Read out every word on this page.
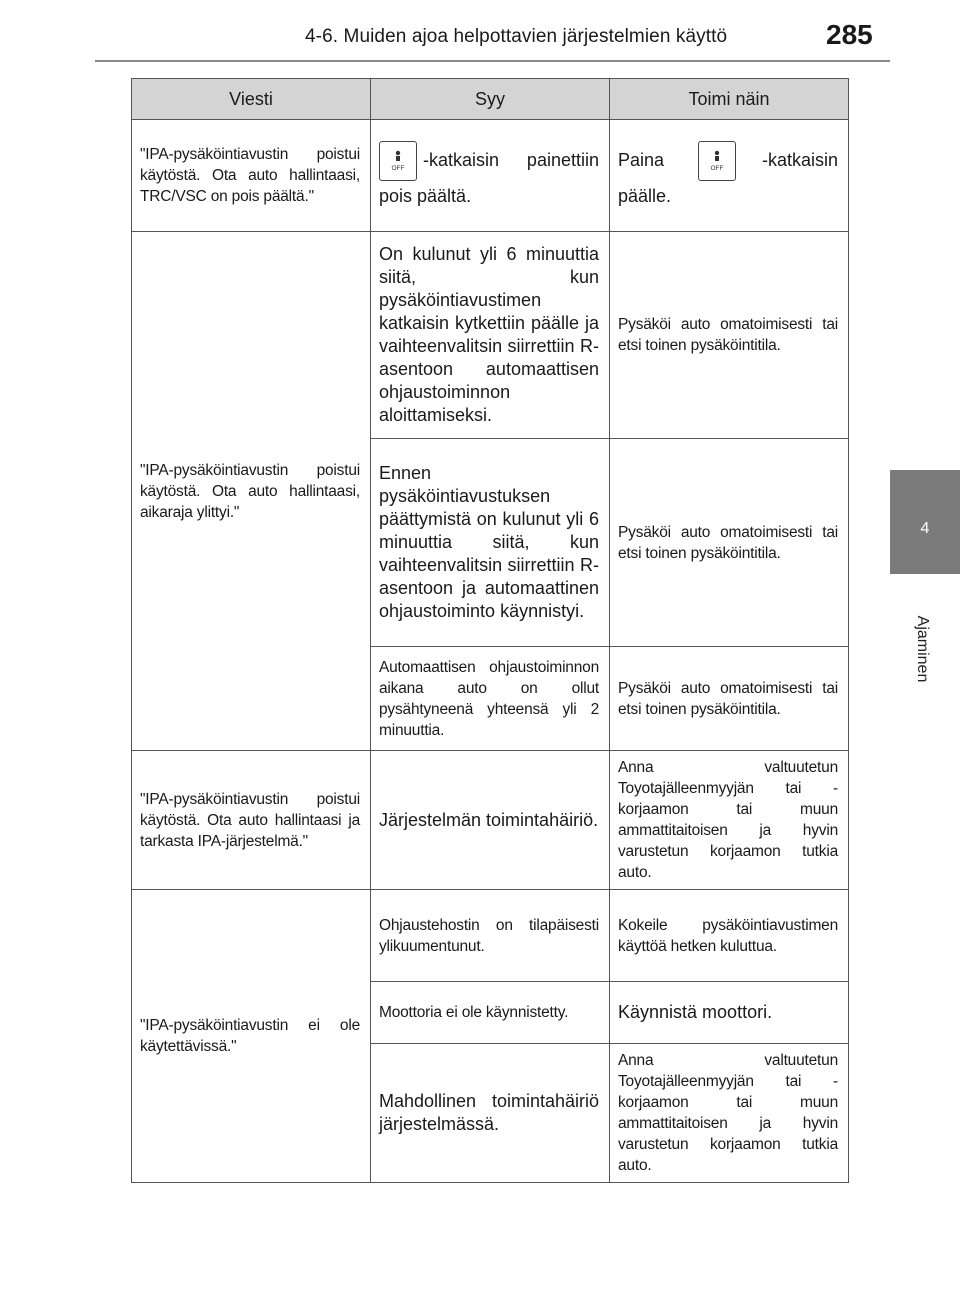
4-6. Muiden ajoa helpottavien järjestelmien käyttö	285
4
Ajaminen
Viesti	Syy	Toimi näin
"IPA-pysäköintiavustin poistui käytöstä. Ota auto hallintaasi, TRC/VSC on pois päältä."	OFF -katkaisin painettiin pois päältä.	Paina OFF -katkaisin päälle.
"IPA-pysäköintiavustin poistui käytöstä. Ota auto hallintaasi, aikaraja ylittyi."	On kulunut yli 6 minuuttia siitä, kun pysäköintiavustimen katkaisin kytkettiin päälle ja vaihteenvalitsin siirrettiin R-asentoon automaattisen ohjaustoiminnon aloittamiseksi.	Pysäköi auto omatoimisesti tai etsi toinen pysäköintitila.
	Ennen pysäköintiavustuksen päättymistä on kulunut yli 6 minuuttia siitä, kun vaihteenvalitsin siirrettiin R-asentoon ja automaattinen ohjaustoiminto käynnistyi.	Pysäköi auto omatoimisesti tai etsi toinen pysäköintitila.
	Automaattisen ohjaustoiminnon aikana auto on ollut pysähtyneenä yhteensä yli 2 minuuttia.	Pysäköi auto omatoimisesti tai etsi toinen pysäköintitila.
"IPA-pysäköintiavustin poistui käytöstä. Ota auto hallintaasi ja tarkasta IPA-järjestelmä."	Järjestelmän toimintahäiriö.	Anna valtuutetun Toyotajälleenmyyjän tai -korjaamon tai muun ammattitaitoisen ja hyvin varustetun korjaamon tutkia auto.
"IPA-pysäköintiavustin ei ole käytettävissä."	Ohjaustehostin on tilapäisesti ylikuumentunut.	Kokeile pysäköintiavustimen käyttöä hetken kuluttua.
	Moottoria ei ole käynnistetty.	Käynnistä moottori.
	Mahdollinen toimintahäiriö järjestelmässä.	Anna valtuutetun Toyotajälleenmyyjän tai -korjaamon tai muun ammattitaitoisen ja hyvin varustetun korjaamon tutkia auto.
